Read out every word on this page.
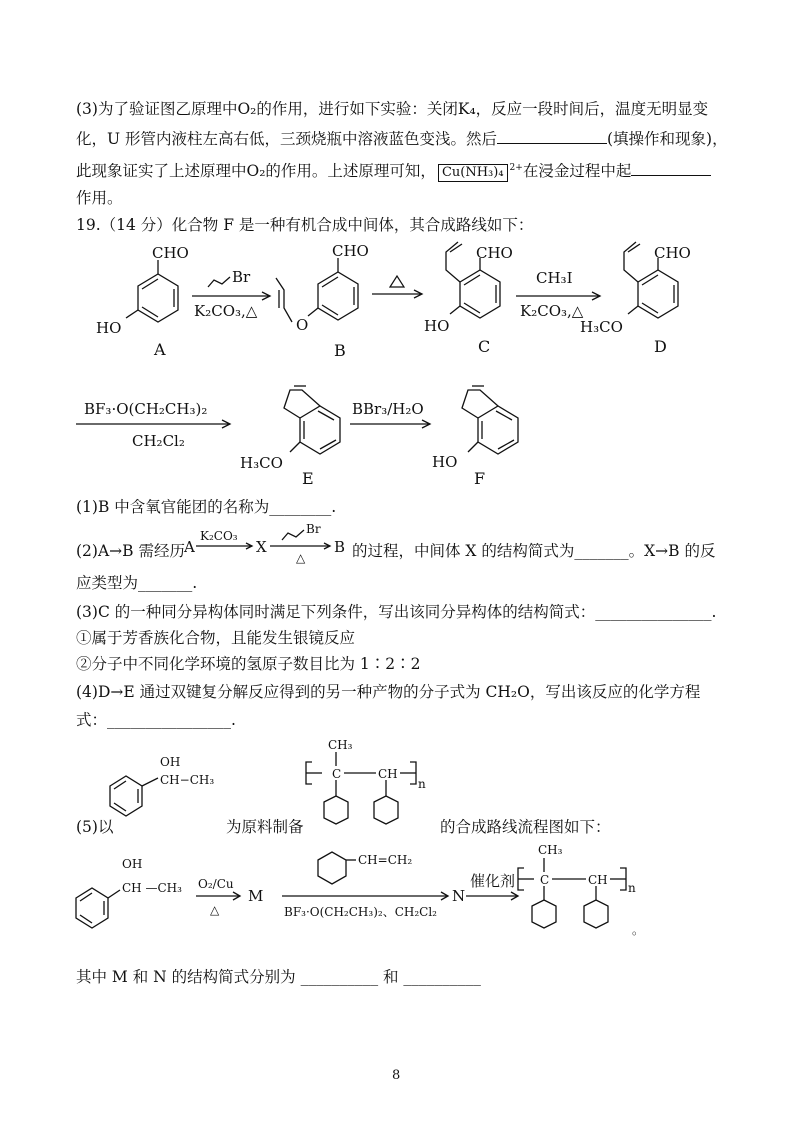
(3)为了验证图乙原理中O₂的作用，进行如下实验：关闭K₄，反应一段时间后，温度无明显变
化，U 形管内液柱左高右低，三颈烧瓶中溶液蓝色变浅。然后	(填操作和现象)，
此现象证实了上述原理中O₂的作用。上述原理可知， Cu(NH₃)₄ $^{2+}$在浸金过程中起
作用。
19.（14 分）化合物 F 是一种有机合成中间体，其合成路线如下：
CHO
HO
A
Br
K₂CO₃,△
CHO
O
B
CHO
HO
C
CH₃I
K₂CO₃,△
CHO
H₃CO
D
BF₃·O(CH₂CH₃)₂
CH₂Cl₂
H₃CO
E
BBr₃/H₂O
HO
F
A
K₂CO₃
X
Br
△
B
OH
CH−CH₃	C	CH
n
CH₃
OH
CH —CH₃ O₂/Cu
△
M
CH=CH₂
BF₃·O(CH₂CH₃)₂、CH₂Cl₂
N
催化剂 C	CH
n
CH₃
。
(1)B 中含氧官能团的名称为________.
(2)A→B 需经历	的过程，中间体 X 的结构简式为_______。X→B 的反
应类型为_______.
(3)C 的一种同分异构体同时满足下列条件，写出该同分异构体的结构简式：_______________.
①属于芳香族化合物，且能发生银镜反应
②分子中不同化学环境的氢原子数目比为 1∶2∶2
(4)D→E 通过双键复分解反应得到的另一种产物的分子式为 CH₂O，写出该反应的化学方程
式：________________.
(5)以	为原料制备	的合成路线流程图如下：
其中 M 和 N 的结构简式分别为 __________ 和 __________
8
